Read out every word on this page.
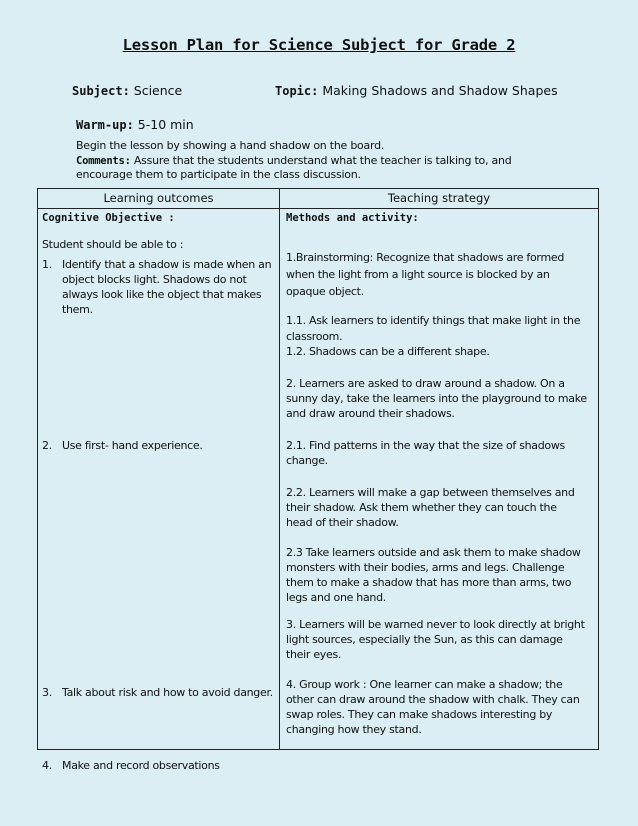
Lesson Plan for Science Subject for Grade 2
Subject: Science	Topic: Making Shadows and Shadow Shapes
Warm-up: 5-10 min
Begin the lesson by showing a hand shadow on the board.
Comments: Assure that the students understand what the teacher is talking to, and
encourage them to participate in the class discussion.
Learning outcomes	Teaching strategy
Cognitive Objective :
Student should be able to :
1. Identify that a shadow is made when an object blocks light. Shadows do not always look like the object that makes them.
2. Use first- hand experience.
3. Talk about risk and how to avoid danger.
4. Make and record observations
Methods and activity:
1.Brainstorming: Recognize that shadows are formed when the light from a light source is blocked by an opaque object.
1.1. Ask learners to identify things that make light in the classroom.
1.2. Shadows can be a different shape.
2. Learners are asked to draw around a shadow. On a sunny day, take the learners into the playground to make and draw around their shadows.
2.1. Find patterns in the way that the size of shadows change.
2.2. Learners will make a gap between themselves and their shadow. Ask them whether they can touch the head of their shadow.
2.3 Take learners outside and ask them to make shadow monsters with their bodies, arms and legs. Challenge them to make a shadow that has more than arms, two legs and one hand.
3. Learners will be warned never to look directly at bright light sources, especially the Sun, as this can damage their eyes.
4. Group work : One learner can make a shadow; the other can draw around the shadow with chalk. They can swap roles. They can make shadows interesting by changing how they stand.
